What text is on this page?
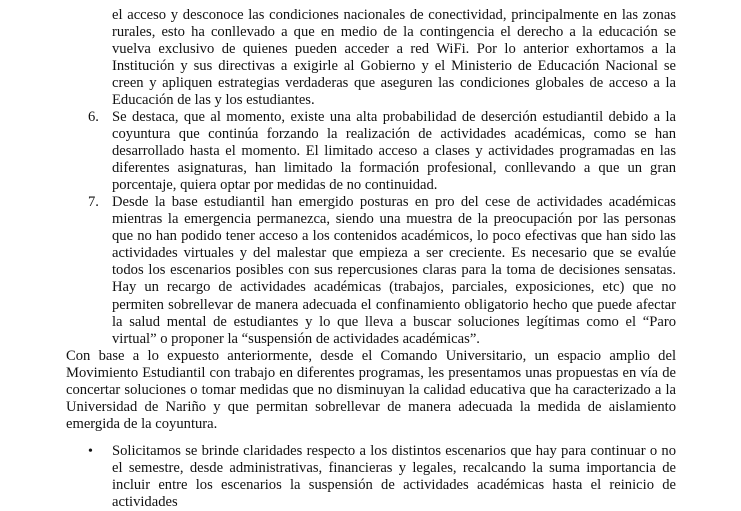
el acceso y desconoce las condiciones nacionales de conectividad, principalmente en las zonas rurales, esto ha conllevado a que en medio de la contingencia el derecho a la educación se vuelva exclusivo de quienes pueden acceder a red WiFi. Por lo anterior exhortamos a la Institución y sus directivas a exigirle al Gobierno y el Ministerio de Educación Nacional se creen y apliquen estrategias verdaderas que aseguren las condiciones globales de acceso a la Educación de las y los estudiantes.

6. Se destaca, que al momento, existe una alta probabilidad de deserción estudiantil debido a la coyuntura que continúa forzando la realización de actividades académicas, como se han desarrollado hasta el momento. El limitado acceso a clases y actividades programadas en las diferentes asignaturas, han limitado la formación profesional, conllevando a que un gran porcentaje, quiera optar por medidas de no continuidad.

7. Desde la base estudiantil han emergido posturas en pro del cese de actividades académicas mientras la emergencia permanezca, siendo una muestra de la preocupación por las personas que no han podido tener acceso a los contenidos académicos, lo poco efectivas que han sido las actividades virtuales y del malestar que empieza a ser creciente. Es necesario que se evalúe todos los escenarios posibles con sus repercusiones claras para la toma de decisiones sensatas. Hay un recargo de actividades académicas (trabajos, parciales, exposiciones, etc) que no permiten sobrellevar de manera adecuada el confinamiento obligatorio hecho que puede afectar la salud mental de estudiantes y lo que lleva a buscar soluciones legítimas como el “Paro virtual” o proponer la “suspensión de actividades académicas”.

Con base a lo expuesto anteriormente, desde el Comando Universitario, un espacio amplio del Movimiento Estudiantil con trabajo en diferentes programas, les presentamos unas propuestas en vía de concertar soluciones o tomar medidas que no disminuyan la calidad educativa que ha caracterizado a la Universidad de Nariño y que permitan sobrellevar de manera adecuada la medida de aislamiento emergida de la coyuntura.

• Solicitamos se brinde claridades respecto a los distintos escenarios que hay para continuar o no el semestre, desde administrativas, financieras y legales, recalcando la suma importancia de incluir entre los escenarios la suspensión de actividades académicas hasta el reinicio de actividades
